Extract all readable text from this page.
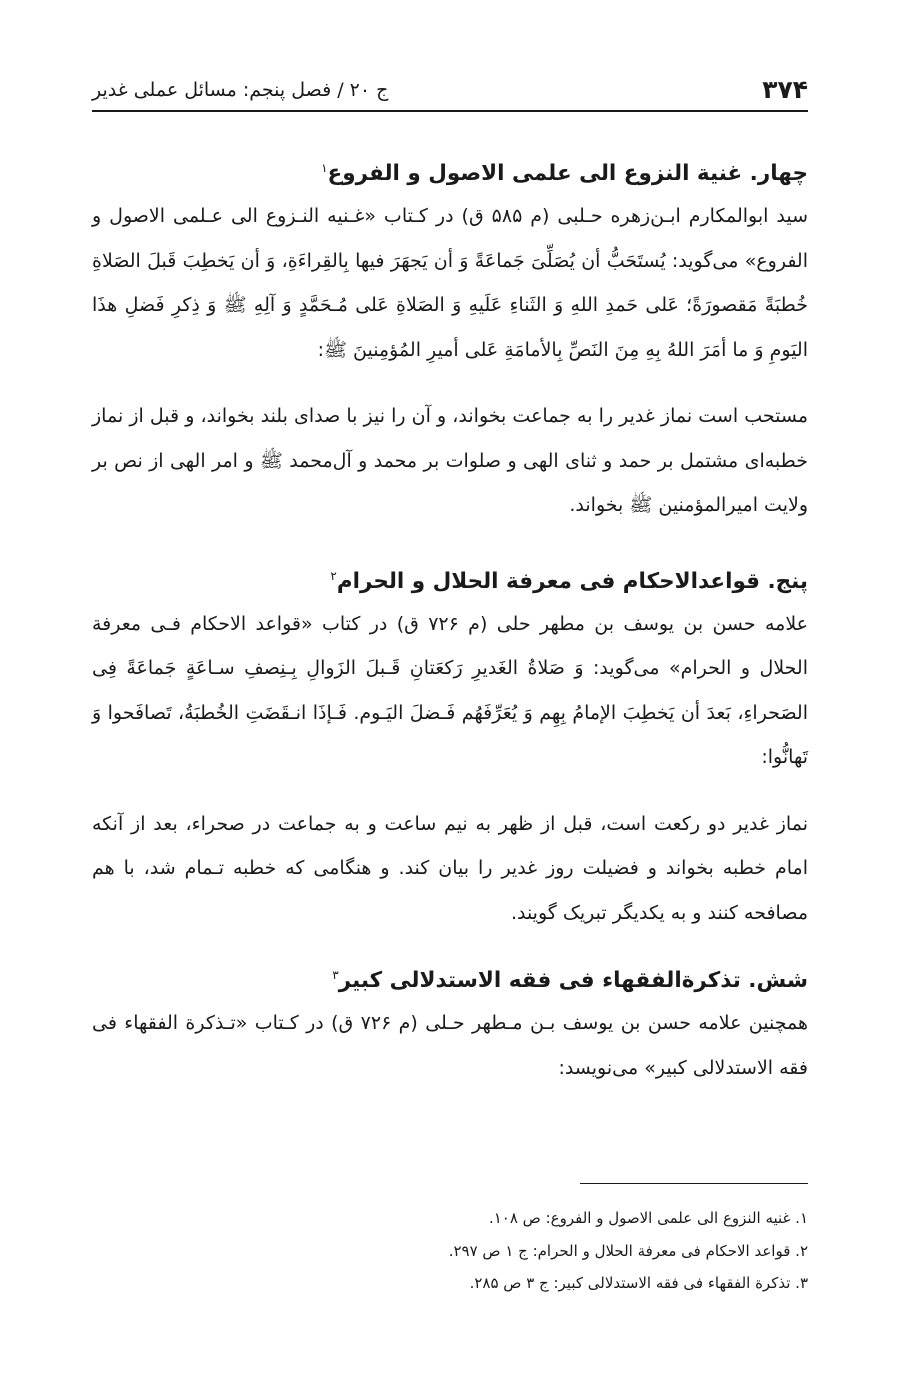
۳۷۴
ج ۲۰ / فصل پنجم: مسائل عملی غدیر
چهار. غنیة النزوع الی علمی الاصول و الفروع$^۱$

سید ابوالمکارم ابـن‌زهره حـلبی (م ۵۸۵ ق) در کـتاب «غـنیه النـزوع الی عـلمی الاصول و الفروع» می‌گوید: یُستَحَبُّ أن یُصَلِّیَ جَماعَةً وَ أن یَجهَرَ فیها بِالقِراءَةِ، وَ أن یَخطِبَ قَبلَ الصَلاةِ خُطبَةً مَقصورَةً؛ عَلی حَمدِ اللهِ وَ الثَناءِ عَلَیهِ وَ الصَلاةِ عَلی مُـحَمَّدٍ وَ آلِهِ ﷺ وَ ذِکرِ فَضلِ هذَا الیَومِ وَ ما أمَرَ اللهُ بِهِ مِنَ النَصِّ بِالأمامَةِ عَلی أمیرِ المُؤمِنینَ ﷺ:

مستحب است نماز غدیر را به جماعت بخواند، و آن را نیز با صدای بلند بخواند، و قبل از نماز خطبه‌ای مشتمل بر حمد و ثنای الهی و صلوات بر محمد و آل‌محمد ﷺ و امر الهی از نص بر ولایت امیرالمؤمنین ﷺ بخواند.

پنج. قواعدالاحکام فی معرفة الحلال و الحرام$^۲$

علامه حسن بن یوسف بن مطهر حلی (م ۷۲۶ ق) در کتاب «قواعد الاحکام فـی معرفة الحلال و الحرام» می‌گوید: وَ صَلاةُ الغَدیرِ رَکعَتانِ قَـبلَ الزَوالِ بِـنِصفِ سـاعَةٍ جَماعَةً فِی الصَحراءِ، بَعدَ أن یَخطِبَ الإمامُ بِهِم وَ یُعَرِّفَهُم فَـضلَ الیَـوم. فَـإذَا انـقَضَتِ الخُطبَةُ، تَصافَحوا وَ تَهانُّوا:

نماز غدیر دو رکعت است، قبل از ظهر به نیم ساعت و به جماعت در صحراء، بعد از آنکه امام خطبه بخواند و فضیلت روز غدیر را بیان کند. و هنگامی که خطبه تـمام شد، با هم مصافحه کنند و به یکدیگر تبریک گویند.

شش. تذکرة‌الفقهاء فی فقه الاستدلالی کبیر$^۳$

همچنین علامه حسن بن یوسف بـن مـطهر حـلی (م ۷۲۶ ق) در کـتاب «تـذکرة الفقهاء فی فقه الاستدلالی کبیر» می‌نویسد:

۱. غنیه النزوع الی علمی الاصول و الفروع: ص ۱۰۸.
۲. قواعد الاحکام فی معرفة الحلال و الحرام: ج ۱ ص ۲۹۷.
۳. تذکرة الفقهاء فی فقه الاستدلالی کبیر: ج ۳ ص ۲۸۵.
